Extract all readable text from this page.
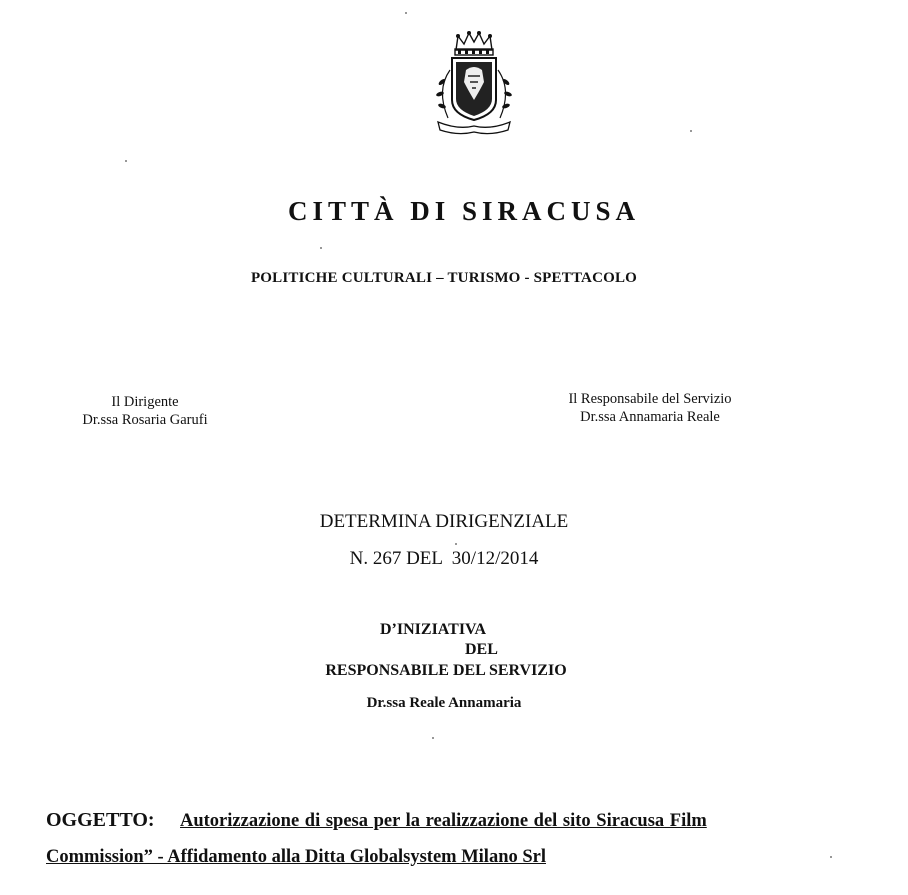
CITTÀ DI SIRACUSA
POLITICHE CULTURALI – TURISMO - SPETTACOLO
Il Dirigente
Dr.ssa Rosaria Garufi
Il Responsabile del Servizio
Dr.ssa Annamaria Reale
DETERMINA DIRIGENZIALE
N. 267 DEL  30/12/2014
D’INIZIATIVA
DEL
RESPONSABILE DEL SERVIZIO
Dr.ssa Reale Annamaria
OGGETTO: Autorizzazione di spesa per la realizzazione del sito Siracusa Film
Commission” - Affidamento alla Ditta Globalsystem Milano Srl
